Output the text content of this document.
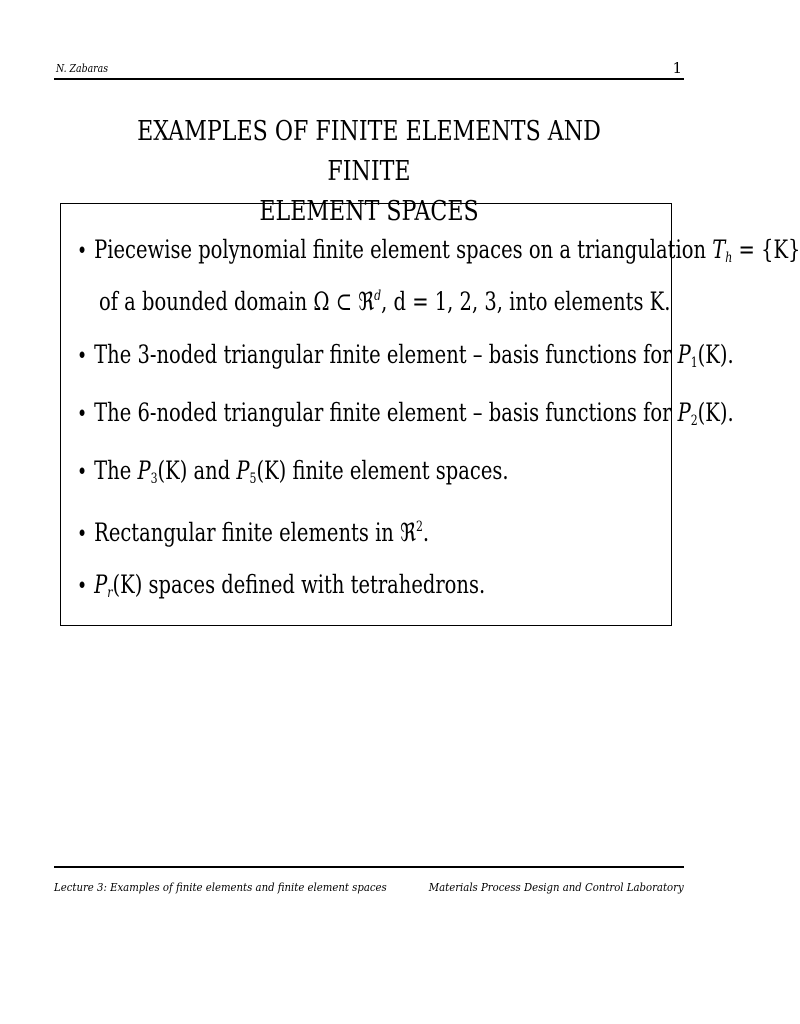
N. Zabaras	1
EXAMPLES OF FINITE ELEMENTS AND FINITE
ELEMENT SPACES
• Piecewise polynomial finite element spaces on a triangulation $T_h = \{K\}$
of a bounded domain Ω ⊂ ℜ$^d$, d = 1, 2, 3, into elements K.
• The 3-noded triangular finite element – basis functions for $P_1(K)$.
• The 6-noded triangular finite element – basis functions for $P_2(K)$.
• The $P_3(K)$ and $P_5(K)$ finite element spaces.
• Rectangular finite elements in ℜ$^2$.
• $P_r(K)$ spaces defined with tetrahedrons.
Lecture 3: Examples of finite elements and finite element spaces	Materials Process Design and Control Laboratory
